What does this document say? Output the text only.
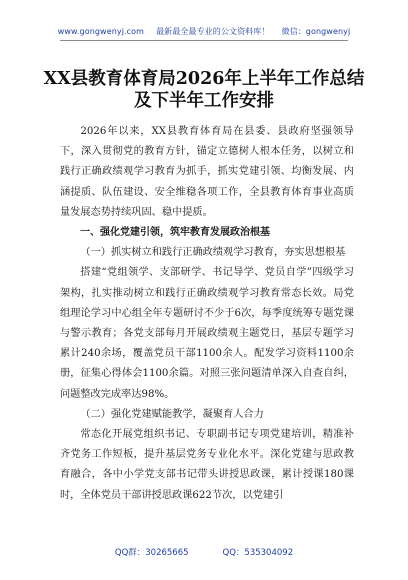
www.gongwenyj.com 最新最全最专业的公文资料库！ 微信：gongwenyj
XX县教育体育局2026年上半年工作总结
及下半年工作安排

2026年以来，XX县教育体育局在县委、县政府坚强领导下，深入贯彻党的教育方针，锚定立德树人根本任务，以树立和践行正确政绩观学习教育为抓手，抓实党建引领、均衡发展、内涵提质、队伍建设、安全维稳各项工作，全县教育体育事业高质量发展态势持续巩固、稳中提质。

一、强化党建引领，筑牢教育发展政治根基

（一）抓实树立和践行正确政绩观学习教育，夯实思想根基

搭建“党组领学、支部研学、书记导学、党员自学”四级学习架构，扎实推动树立和践行正确政绩观学习教育常态长效。局党组理论学习中心组全年专题研讨不少于6次，每季度统筹专题党课与警示教育；各党支部每月开展政绩观主题党日，基层专题学习累计240余场，覆盖党员干部1100余人。配发学习资料1100余册，征集心得体会1100余篇。对照三张问题清单深入自查自纠，问题整改完成率达98%。

（二）强化党建赋能教学，凝聚育人合力

常态化开展党组织书记、专职副书记专项党建培训，精准补齐党务工作短板，提升基层党务专业化水平。深化党建与思政教育融合，各中小学党支部书记带头讲授思政课，累计授课180课时，全体党员干部讲授思政课622节次，以党建引

QQ群：30265665	QQ：535304092
